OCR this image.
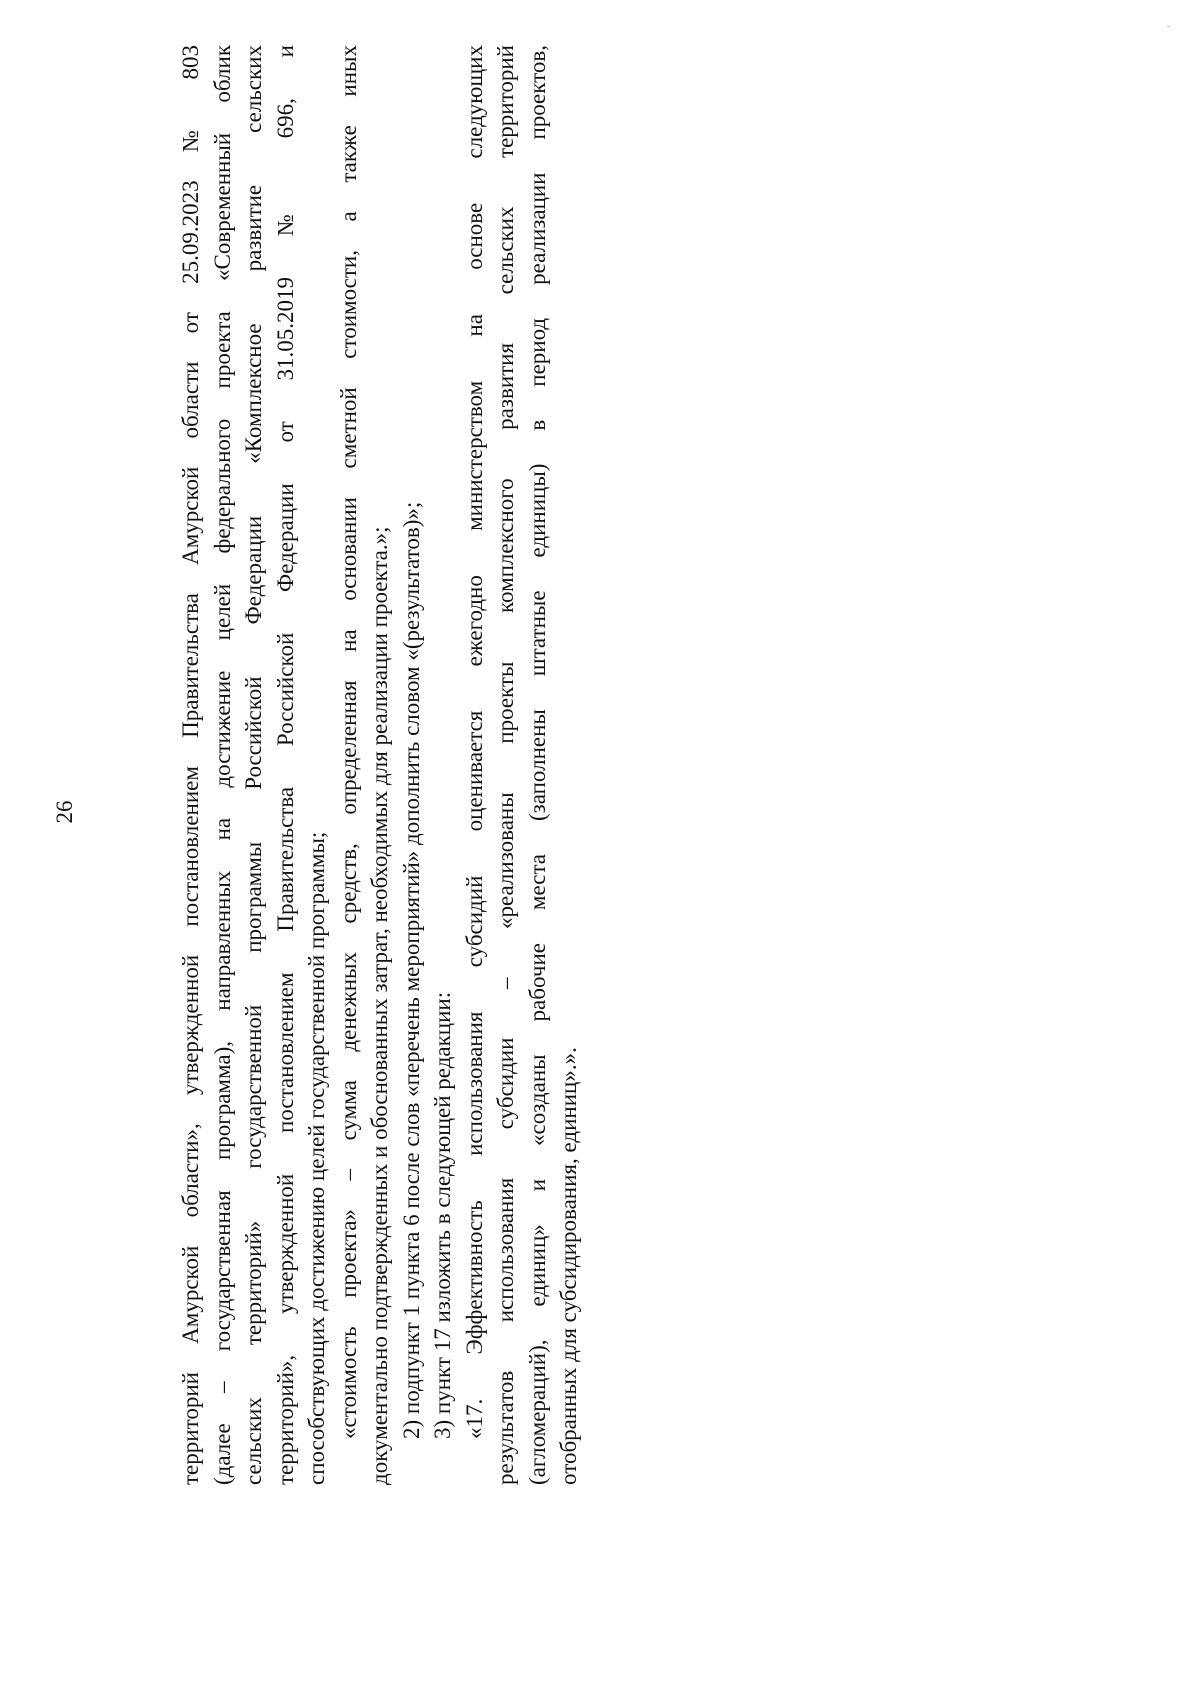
26	территорий Амурской области», утвержденной постановлением Правительства Амурской области от 25.09.2023 № 803 (далее – государственная программа), направленных на достижение целей федерального проекта «Современный облик сельских территорий» государственной программы Российской Федерации «Комплексное развитие сельских территорий», утвержденной постановлением Правительства Российской Федерации от 31.05.2019 № 696, и способствующих достижению целей государственной программы; «стоимость проекта» – сумма денежных средств, определенная на основании сметной стоимости, а также иных документально подтвержденных и обоснованных затрат, необходимых для реализации проекта.»; 2) подпункт 1 пункта 6 после слов «перечень мероприятий» дополнить словом «(результатов)»; 3) пункт 17 изложить в следующей редакции: «17. Эффективность использования субсидий оценивается ежегодно министерством на основе следующих результатов использования субсидии – «реализованы проекты комплексного развития сельских территорий (агломераций), единиц» и «созданы рабочие места (заполнены штатные единицы) в период реализации проектов, отобранных для субсидирования, единиц».».
